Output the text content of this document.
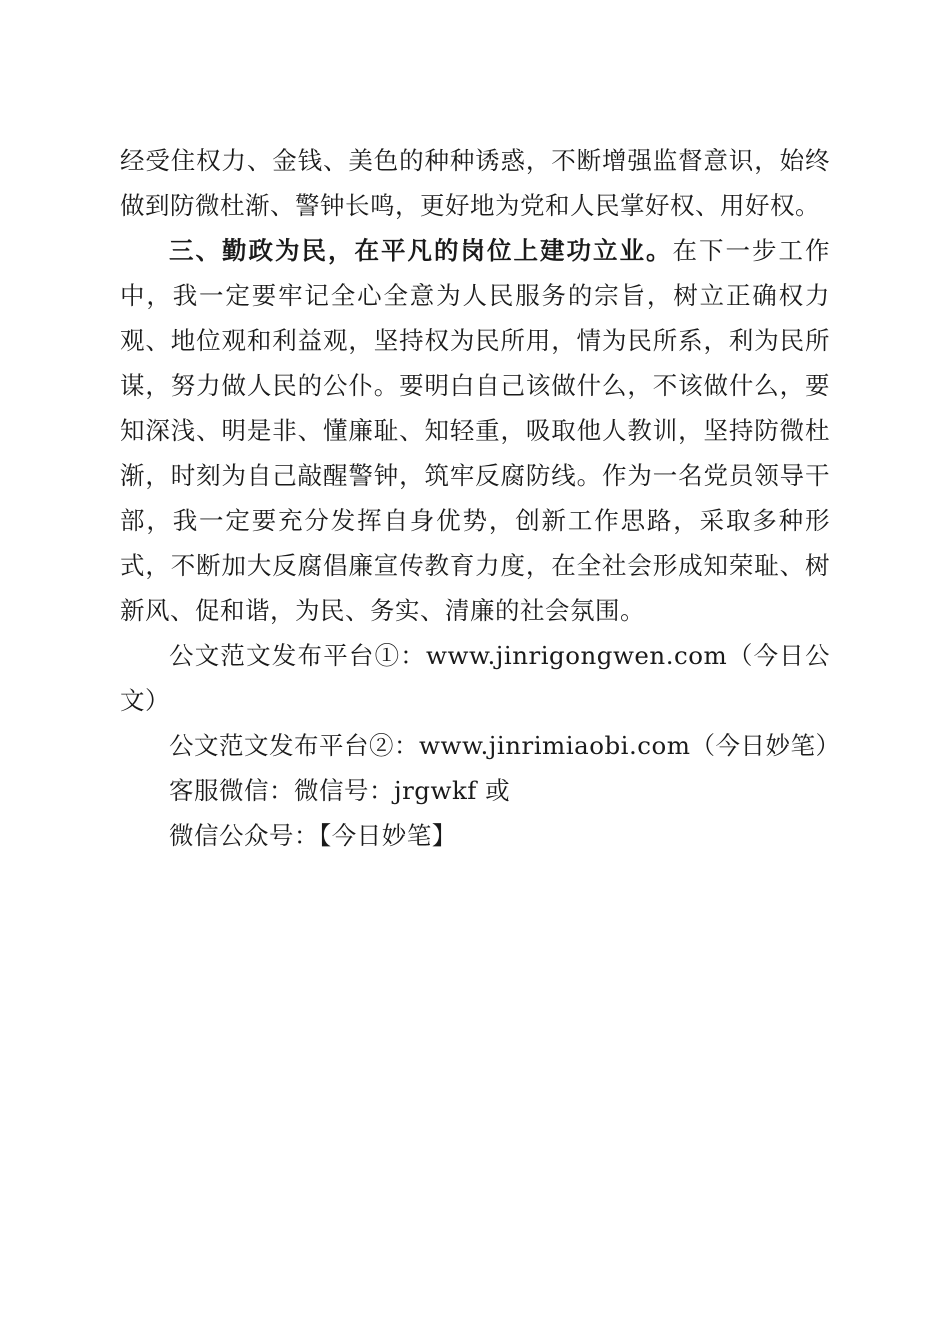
经受住权力、金钱、美色的种种诱惑，不断增强监督意识，始终做到防微杜渐、警钟长鸣，更好地为党和人民掌好权、用好权。

三、勤政为民，在平凡的岗位上建功立业。在下一步工作中，我一定要牢记全心全意为人民服务的宗旨，树立正确权力观、地位观和利益观，坚持权为民所用，情为民所系，利为民所谋，努力做人民的公仆。要明白自己该做什么，不该做什么，要知深浅、明是非、懂廉耻、知轻重，吸取他人教训，坚持防微杜渐，时刻为自己敲醒警钟，筑牢反腐防线。作为一名党员领导干部，我一定要充分发挥自身优势，创新工作思路，采取多种形式，不断加大反腐倡廉宣传教育力度，在全社会形成知荣耻、树新风、促和谐，为民、务实、清廉的社会氛围。

公文范文发布平台①：www.jinrigongwen.com（今日公文）

公文范文发布平台②：www.jinrimiaobi.com（今日妙笔）

客服微信：微信号：jrgwkf 或

微信公众号：【今日妙笔】
